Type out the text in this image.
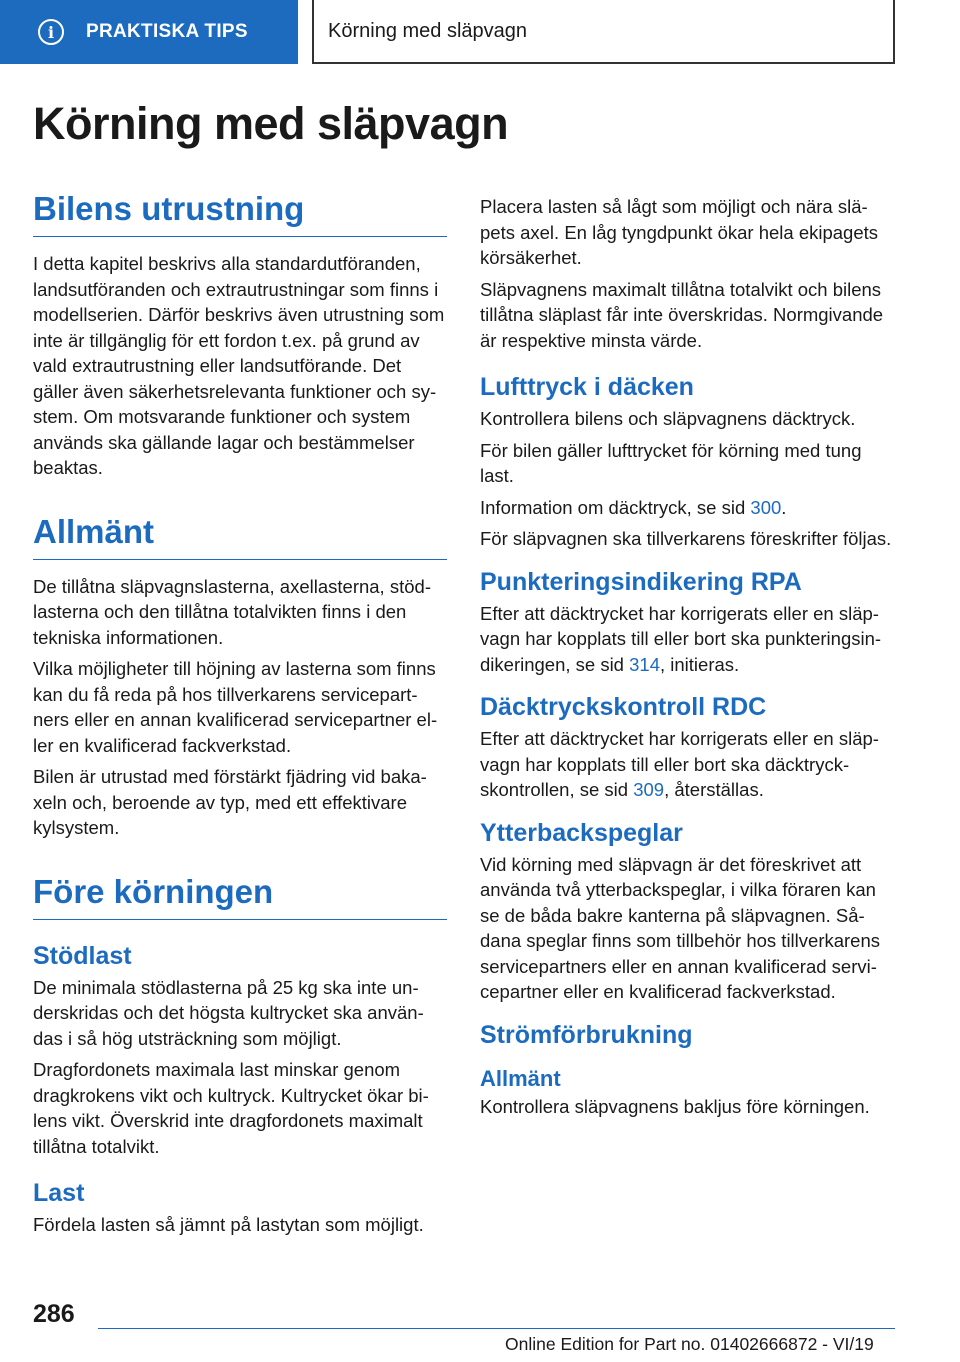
i	PRAKTISKA TIPS	Körning med släpvagn
Körning med släpvagn
Bilens utrustning

I detta kapitel beskrivs alla standardutföranden, landsutföranden och extrautrustningar som finns i modellserien. Därför beskrivs även utrustning som inte är tillgänglig för ett fordon t.ex. på grund av vald extrautrustning eller landsutförande. Det gäller även säkerhetsrelevanta funktioner och system. Om motsvarande funktioner och system används ska gällande lagar och bestämmelser beaktas.

Allmänt

De tillåtna släpvagnslasterna, axellasterna, stödlasterna och den tillåtna totalvikten finns i den tekniska informationen.

Vilka möjligheter till höjning av lasterna som finns kan du få reda på hos tillverkarens servicepartners eller en annan kvalificerad servicepartner eller en kvalificerad fackverkstad.

Bilen är utrustad med förstärkt fjädring vid bakaxeln och, beroende av typ, med ett effektivare kylsystem.

Före körningen
Stödlast

De minimala stödlasterna på 25 kg ska inte underskridas och det högsta kultrycket ska användas i så hög utsträckning som möjligt.

Dragfordonets maximala last minskar genom dragkrokens vikt och kultryck. Kultrycket ökar bilens vikt. Överskrid inte dragfordonets maximalt tillåtna totalvikt.

Last

Fördela lasten så jämnt på lastytan som möjligt.

Placera lasten så lågt som möjligt och nära släpets axel. En låg tyngdpunkt ökar hela ekipagets körsäkerhet.

Släpvagnens maximalt tillåtna totalvikt och bilens tillåtna släplast får inte överskridas. Normgivande är respektive minsta värde.

Lufttryck i däcken

Kontrollera bilens och släpvagnens däcktryck.

För bilen gäller lufttrycket för körning med tung last.

Information om däcktryck, se sid 300.

För släpvagnen ska tillverkarens föreskrifter följas.

Punkteringsindikering RPA

Efter att däcktrycket har korrigerats eller en släpvagn har kopplats till eller bort ska punkteringsindikeringen, se sid 314, initieras.

Däcktryckskontroll RDC

Efter att däcktrycket har korrigerats eller en släpvagn har kopplats till eller bort ska däcktryckskontrollen, se sid 309, återställas.

Ytterbackspeglar

Vid körning med släpvagn är det föreskrivet att använda två ytterbackspeglar, i vilka föraren kan se de båda bakre kanterna på släpvagnen. Sådana speglar finns som tillbehör hos tillverkarens servicepartners eller en annan kvalificerad servicepartner eller en kvalificerad fackverkstad.

Strömförbrukning
Allmänt

Kontrollera släpvagnens bakljus före körningen.

286
Online Edition for Part no. 01402666872 - VI/19
